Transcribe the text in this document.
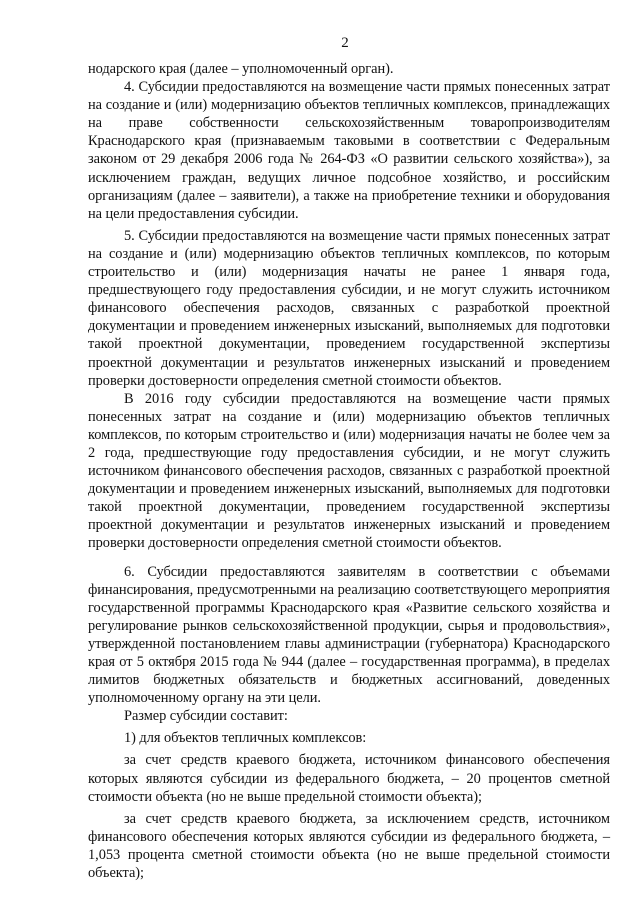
2

нодарского края (далее – уполномоченный орган).

4. Субсидии предоставляются на возмещение части прямых понесенных затрат на создание и (или) модернизацию объектов тепличных комплексов, принадлежащих на праве собственности сельскохозяйственным товаропроизводителям Краснодарского края (признаваемым таковыми в соответствии с Федеральным законом от 29 декабря 2006 года № 264-ФЗ «О развитии сельского хозяйства»), за исключением граждан, ведущих личное подсобное хозяйство, и российским организациям (далее – заявители), а также на приобретение техники и оборудования на цели предоставления субсидии.

5. Субсидии предоставляются на возмещение части прямых понесенных затрат на создание и (или) модернизацию объектов тепличных комплексов, по которым строительство и (или) модернизация начаты не ранее 1 января года, предшествующего году предоставления субсидии, и не могут служить источником финансового обеспечения расходов, связанных с разработкой проектной документации и проведением инженерных изысканий, выполняемых для подготовки такой проектной документации, проведением государственной экспертизы проектной документации и результатов инженерных изысканий и проведением проверки достоверности определения сметной стоимости объектов.

В 2016 году субсидии предоставляются на возмещение части прямых понесенных затрат на создание и (или) модернизацию объектов тепличных комплексов, по которым строительство и (или) модернизация начаты не более чем за 2 года, предшествующие году предоставления субсидии, и не могут служить источником финансового обеспечения расходов, связанных с разработкой проектной документации и проведением инженерных изысканий, выполняемых для подготовки такой проектной документации, проведением государственной экспертизы проектной документации и результатов инженерных изысканий и проведением проверки достоверности определения сметной стоимости объектов.

6. Субсидии предоставляются заявителям в соответствии с объемами финансирования, предусмотренными на реализацию соответствующего мероприятия государственной программы Краснодарского края «Развитие сельского хозяйства и регулирование рынков сельскохозяйственной продукции, сырья и продовольствия», утвержденной постановлением главы администрации (губернатора) Краснодарского края от 5 октября 2015 года № 944 (далее – государственная программа), в пределах лимитов бюджетных обязательств и бюджетных ассигнований, доведенных уполномоченному органу на эти цели.

Размер субсидии составит:

1) для объектов тепличных комплексов:

за счет средств краевого бюджета, источником финансового обеспечения которых являются субсидии из федерального бюджета, – 20 процентов сметной стоимости объекта (но не выше предельной стоимости объекта);

за счет средств краевого бюджета, за исключением средств, источником финансового обеспечения которых являются субсидии из федерального бюджета, – 1,053 процента сметной стоимости объекта (но не выше предельной стоимости объекта);
